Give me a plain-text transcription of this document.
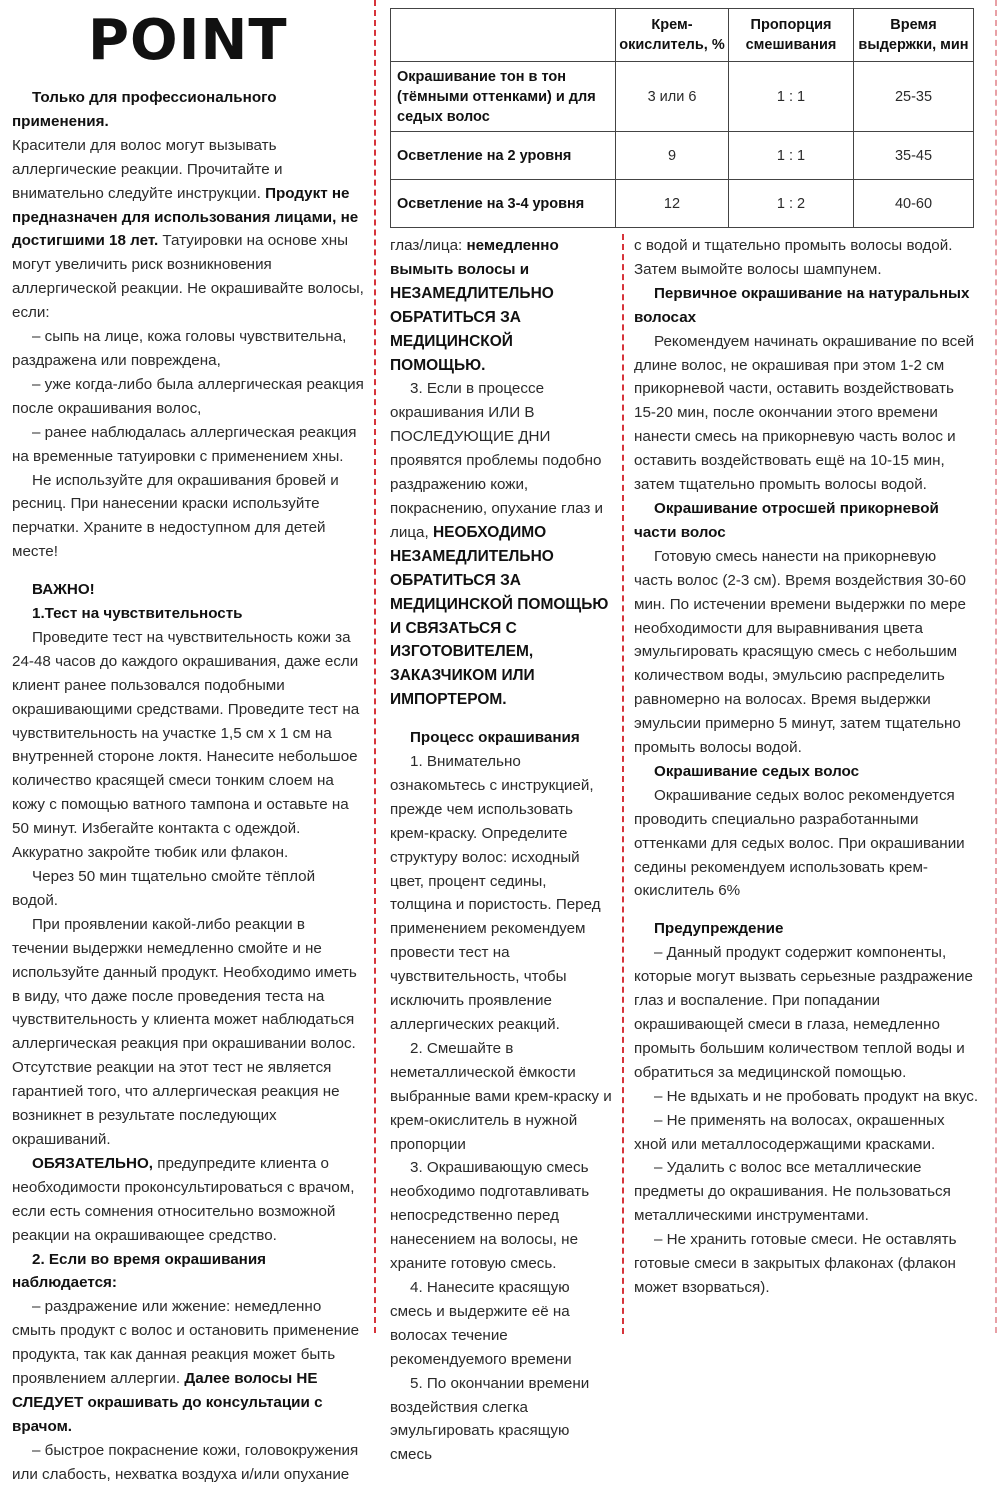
POINT

Только для профессионального применения.

Красители для волос могут вызывать аллергические реакции. Прочитайте и внимательно следуйте инструкции. Продукт не предназначен для использования лицами, не достигшими 18 лет. Татуировки на основе хны могут увеличить риск возникновения аллергической реакции. Не окрашивайте волосы, если:

– сыпь на лице, кожа головы чувствительна, раздражена или повреждена,

– уже когда-либо была аллергическая реакция после окрашивания волос,

– ранее наблюдалась аллергическая реакция на временные татуировки с применением хны.

Не используйте для окрашивания бровей и ресниц. При нанесении краски используйте перчатки. Храните в недоступном для детей месте!

ВАЖНО!

1.Тест на чувствительность

Проведите тест на чувствительность кожи за 24-48 часов до каждого окрашивания, даже если клиент ранее пользовался подобными окрашивающими средствами. Проведите тест на чувствительность на участке 1,5 см х 1 см на внутренней стороне локтя. Нанесите небольшое количество красящей смеси тонким слоем на кожу с помощью ватного тампона и оставьте на 50 минут. Избегайте контакта с одеждой. Аккуратно закройте тюбик или флакон.

Через 50 мин тщательно смойте тёплой водой.

При проявлении какой-либо реакции в течении выдержки немедленно смойте и не используйте данный продукт. Необходимо иметь в виду, что даже после проведения теста на чувствительность у клиента может наблюдаться аллергическая реакция при окрашивании волос. Отсутствие реакции на этот тест не является гарантией того, что аллергическая реакция не возникнет в результате последующих окрашиваний.

ОБЯЗАТЕЛЬНО, предупредите клиента о необходимости проконсультироваться с врачом, если есть сомнения относительно возможной реакции на окрашивающее средство.

2. Если во время окрашивания наблюдается:

– раздражение или жжение: немедленно смыть продукт с волос и остановить применение продукта, так как данная реакция может быть проявлением аллергии. Далее волосы НЕ СЛЕДУЕТ окрашивать до консультации с врачом.

– быстрое покраснение кожи, головокружения или слабость, нехватка воздуха и/или опухание

	Крем-окислитель, %	Пропорция смешивания	Время выдержки, мин
Окрашивание тон в тон (тёмными оттенками) и для седых волос	3 или 6	1 : 1	25-35
Осветление на 2 уровня	9	1 : 1	35-45
Осветление на 3-4 уровня	12	1 : 2	40-60

глаз/лица: немедленно вымыть волосы и НЕЗАМЕДЛИТЕЛЬНО ОБРАТИТЬСЯ ЗА МЕДИЦИНСКОЙ ПОМОЩЬЮ.

3. Если в процессе окрашивания ИЛИ В ПОСЛЕДУЮЩИЕ ДНИ проявятся проблемы подобно раздражению кожи, покраснению, опухание глаз и лица, НЕОБХОДИМО НЕЗАМЕДЛИТЕЛЬНО ОБРАТИТЬСЯ ЗА МЕДИЦИНСКОЙ ПОМОЩЬЮ И СВЯЗАТЬСЯ С ИЗГОТОВИТЕЛЕМ, ЗАКАЗЧИКОМ ИЛИ ИМПОРТЕРОМ.

Процесс окрашивания

1. Внимательно ознакомьтесь с инструкцией, прежде чем использовать крем-краску. Определите структуру волос: исходный цвет, процент седины, толщина и пористость. Перед применением рекомендуем провести тест на чувствительность, чтобы исключить проявление аллергических реакций.

2. Смешайте в неметаллической ёмкости выбранные вами крем-краску и крем-окислитель в нужной пропорции

3. Окрашивающую смесь необходимо подготавливать непосредственно перед нанесением на волосы, не храните готовую смесь.

4. Нанесите красящую смесь и выдержите её на волосах течение рекомендуемого времени

5. По окончании времени воздействия слегка эмульгировать красящую смесь

с водой и тщательно промыть волосы водой. Затем вымойте волосы шампунем.

Первичное окрашивание на натуральных волосах

Рекомендуем начинать окрашивание по всей длине волос, не окрашивая при этом 1-2 см прикорневой части, оставить воздействовать 15-20 мин, после окончании этого времени нанести смесь на прикорневую часть волос и оставить воздействовать ещё на 10-15 мин, затем тщательно промыть волосы водой.

Окрашивание отросшей прикорневой части волос

Готовую смесь нанести на прикорневую часть волос (2-3 см). Время воздействия 30-60 мин. По истечении времени выдержки по мере необходимости для выравнивания цвета эмульгировать красящую смесь с небольшим количеством воды, эмульсию распределить равномерно на волосах. Время выдержки эмульсии примерно 5 минут, затем тщательно промыть волосы водой.

Окрашивание седых волос

Окрашивание седых волос рекомендуется проводить специально разработанными оттенками для седых волос. При окрашивании седины рекомендуем использовать крем-окислитель 6%

Предупреждение

– Данный продукт содержит компоненты, которые могут вызвать серьезные раздражение глаз и воспаление. При попадании окрашивающей смеси в глаза, немедленно промыть большим количеством теплой воды и обратиться за медицинской помощью.

– Не вдыхать и не пробовать продукт на вкус.

– Не применять на волосах, окрашенных хной или металлосодержащими красками.

– Удалить с волос все металлические предметы до окрашивания. Не пользоваться металлическими инструментами.

– Не хранить готовые смеси. Не оставлять готовые смеси в закрытых флаконах (флакон может взорваться).
